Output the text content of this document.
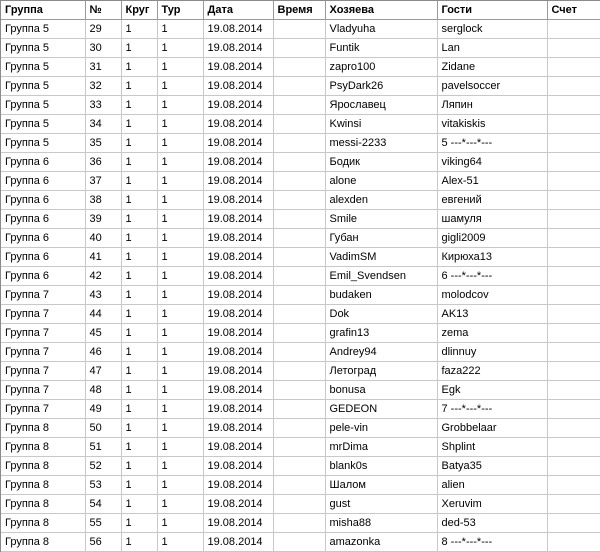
Группа	№	Круг	Тур	Дата	Время	Хозяева	Гости	Счет
Группа 5	29	1	1	19.08.2014		Vladyuha	serglock	
Группа 5	30	1	1	19.08.2014		Funtik	Lan	
Группа 5	31	1	1	19.08.2014		zapro100	Zidane	
Группа 5	32	1	1	19.08.2014		PsyDark26	pavelsoccer	
Группа 5	33	1	1	19.08.2014		Ярославец	Ляпин	
Группа 5	34	1	1	19.08.2014		Kwinsi	vitakiskis	
Группа 5	35	1	1	19.08.2014		messi-2233	5 ---*---*---	
Группа 6	36	1	1	19.08.2014		Бодик	viking64	
Группа 6	37	1	1	19.08.2014		alone	Alex-51	
Группа 6	38	1	1	19.08.2014		alexden	евгений	
Группа 6	39	1	1	19.08.2014		Smile	шамуля	
Группа 6	40	1	1	19.08.2014		Губан	gigli2009	
Группа 6	41	1	1	19.08.2014		VadimSM	Кирюха13	
Группа 6	42	1	1	19.08.2014		Emil_Svendsen	6 ---*---*---	
Группа 7	43	1	1	19.08.2014		budaken	molodcov	
Группа 7	44	1	1	19.08.2014		Dok	AK13	
Группа 7	45	1	1	19.08.2014		grafin13	zema	
Группа 7	46	1	1	19.08.2014		Andrey94	dlinnuy	
Группа 7	47	1	1	19.08.2014		Летоград	faza222	
Группа 7	48	1	1	19.08.2014		bonusa	Egk	
Группа 7	49	1	1	19.08.2014		GEDEON	7 ---*---*---	
Группа 8	50	1	1	19.08.2014		pele-vin	Grobbelaar	
Группа 8	51	1	1	19.08.2014		mrDima	Shplint	
Группа 8	52	1	1	19.08.2014		blank0s	Batya35	
Группа 8	53	1	1	19.08.2014		Шалом	alien	
Группа 8	54	1	1	19.08.2014		gust	Xeruvim	
Группа 8	55	1	1	19.08.2014		misha88	ded-53	
Группа 8	56	1	1	19.08.2014		amazonka	8 ---*---*---	
